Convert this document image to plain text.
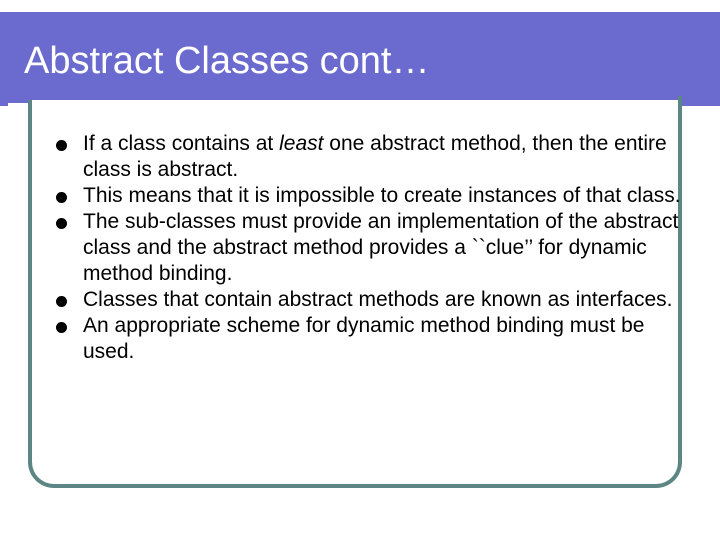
Abstract Classes cont…
If a class contains at least one abstract method, then the entire class is abstract.
This means that it is impossible to create instances of that class.
The sub-classes must provide an implementation of the abstract class and the abstract method provides a ``clue’’ for dynamic method binding.
Classes that contain abstract methods are known as interfaces.
An appropriate scheme for dynamic method binding must be used.
